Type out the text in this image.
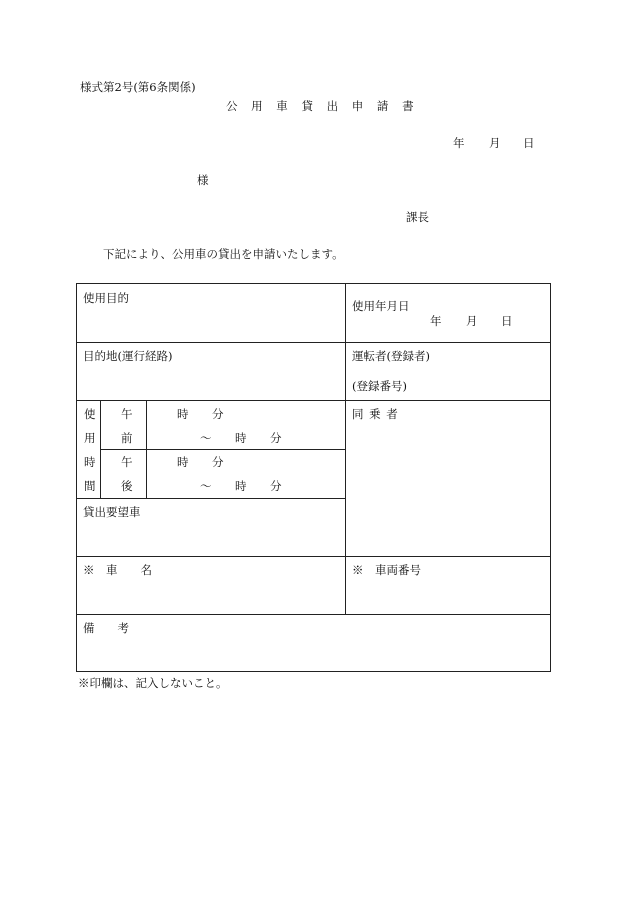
様式第2号(第6条関係)
公 用 車 貸 出 申 請 書
年 月 日
様
課長
下記により、公用車の貸出を申請いたします。
使用目的
使用年月日
年 月 日
目的地(運行経路)	運転者(登録者)
(登録番号)
使
用
時
間
午
前
午
後
時 分
〜 時 分
時 分
〜 時 分
同 乗 者
貸出要望車
※　車　　名	※　車両番号
備　　考
※印欄は、記入しないこと。
